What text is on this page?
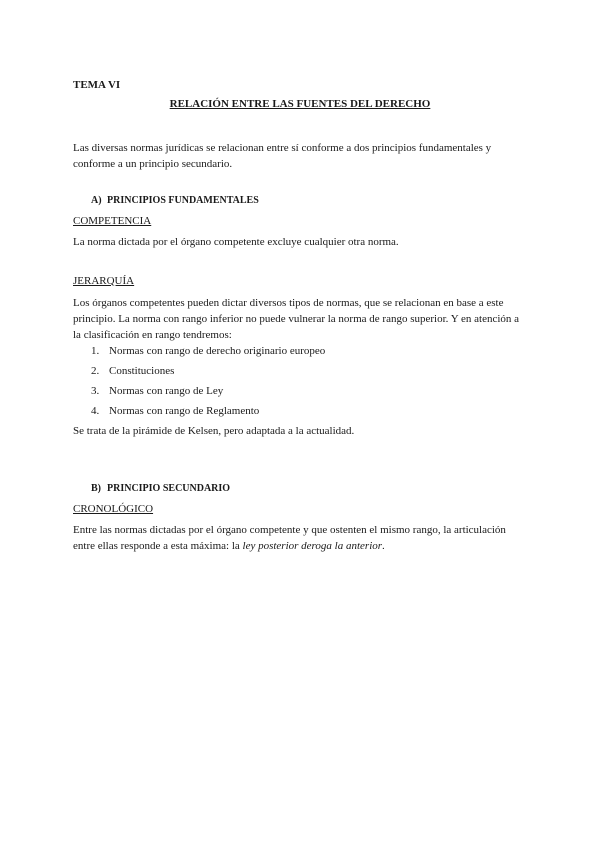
TEMA VI
RELACIÓN ENTRE LAS FUENTES DEL DERECHO
Las diversas normas jurídicas se relacionan entre sí conforme a dos principios fundamentales y conforme a un principio secundario.
A) PRINCIPIOS FUNDAMENTALES
COMPETENCIA
La norma dictada por el órgano competente excluye cualquier otra norma.
JERARQUÍA
Los órganos competentes pueden dictar diversos tipos de normas, que se relacionan en base a este principio. La norma con rango inferior no puede vulnerar la norma de rango superior. Y en atención a la clasificación en rango tendremos:
1. Normas con rango de derecho originario europeo
2. Constituciones
3. Normas con rango de Ley
4. Normas con rango de Reglamento
Se trata de la pirámide de Kelsen, pero adaptada a la actualidad.
B) PRINCIPIO SECUNDARIO
CRONOLÓGICO
Entre las normas dictadas por el órgano competente y que ostenten el mismo rango, la articulación entre ellas responde a esta máxima: la ley posterior deroga la anterior.
